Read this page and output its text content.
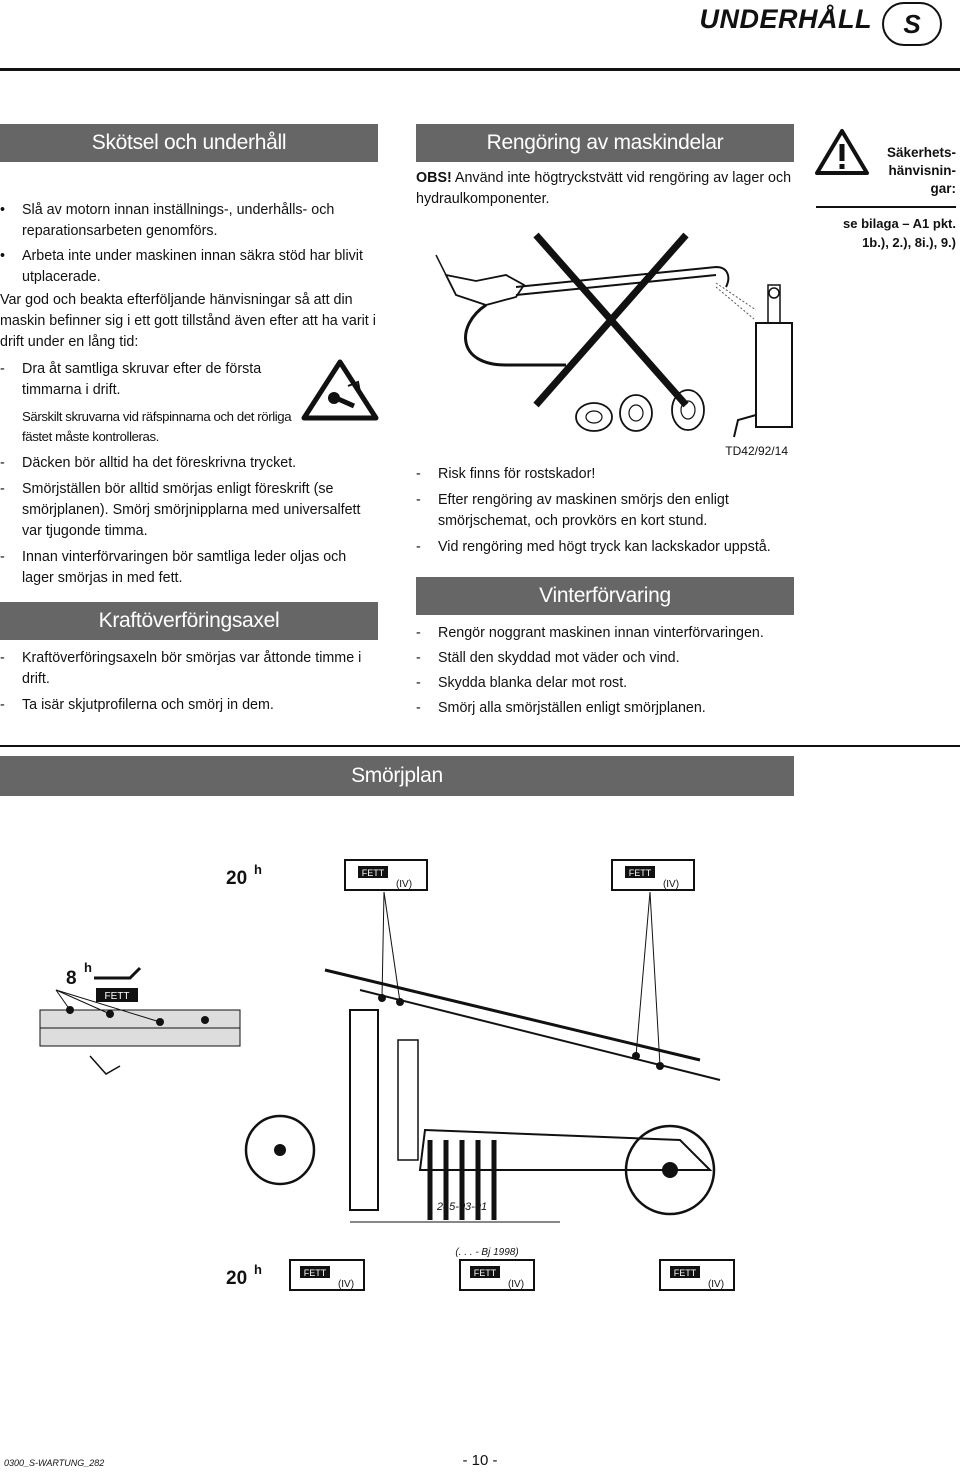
UNDERHÅLL	S
Skötsel och underhåll
• Slå av motorn innan inställnings-, underhålls- och reparationsarbeten genomförs.
• Arbeta inte under maskinen innan säkra stöd har blivit utplacerade.

Var god och beakta efterföljande hänvisningar så att din maskin befinner sig i ett gott tillstånd även efter att ha varit i drift under en lång tid:

- Dra åt samtliga skruvar efter de första timmarna i drift.
Särskilt skruvarna vid räfspinnarna och det rörliga fästet måste kontrolleras.
- Däcken bör alltid ha det föreskrivna trycket.
- Smörjställen bör alltid smörjas enligt föreskrift (se smörjplanen). Smörj smörjnipplarna med universalfett var tjugonde timma.
- Innan vinterförvaringen bör samtliga leder oljas och lager smörjas in med fett.
Kraftöverföringsaxel
- Kraftöverföringsaxeln bör smörjas var åttonde timme i drift.
- Ta isär skjutprofilerna och smörj in dem.
Rengöring av maskindelar
OBS! Använd inte högtryckstvätt vid rengöring av lager och hydraulkomponenter.
TD42/92/14
- Risk finns för rostskador!
- Efter rengöring av maskinen smörjs den enligt smörjschemat, och provkörs en kort stund.
- Vid rengöring med högt tryck kan lackskador uppstå.
Vinterförvaring
- Rengör noggrant maskinen innan vinterförvaringen.
- Ställ den skyddad mot väder och vind.
- Skydda blanka delar mot rost.
- Smörj alla smörjställen enligt smörjplanen.
Säkerhets-
hänvisnin-
gar:
se bilaga – A1 pkt.
1b.), 2.), 8i.), 9.)
Smörjplan
20 h	FETT
(IV)
FETT
(IV)
8
h
FETT
245-03-01
(. . . - Bj 1998)
20 h	FETT
(IV)
FETT
(IV)
FETT
(IV)
0300_S-WARTUNG_282	- 10 -
